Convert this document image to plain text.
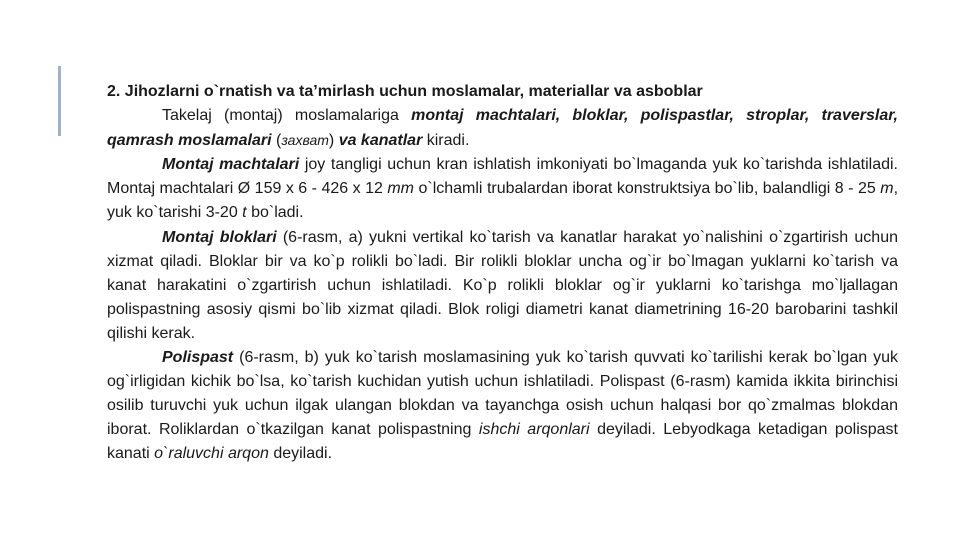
2. Jihozlarni o`rnatish va ta’mirlash uchun moslamalar, materiallar va asboblar

Takelaj (montaj) moslamalariga montaj machtalari, bloklar, polispastlar, stroplar, traverslar, qamrash moslamalari (захват) va kanatlar kiradi.

Montaj machtalari joy tangligi uchun kran ishlatish imkoniyati bo`lmaganda yuk ko`tarishda ishlatiladi. Montaj machtalari Ø 159 x 6 - 426 x 12 mm o`lchamli trubalardan iborat konstruktsiya bo`lib, balandligi 8 - 25 m, yuk ko`tarishi 3-20 t bo`ladi.

Montaj bloklari (6-rasm, a) yukni vertikal ko`tarish va kanatlar harakat yo`nalishini o`zgartirish uchun xizmat qiladi. Bloklar bir va ko`p rolikli bo`ladi. Bir rolikli bloklar uncha og`ir bo`lmagan yuklarni ko`tarish va kanat harakatini o`zgartirish uchun ishlatiladi. Ko`p rolikli bloklar og`ir yuklarni ko`tarishga mo`ljallagan polispastning asosiy qismi bo`lib xizmat qiladi. Blok roligi diametri kanat diametrining 16-20 barobarini tashkil qilishi kerak.

Polispast (6-rasm, b) yuk ko`tarish moslamasining yuk ko`tarish quvvati ko`tarilishi kerak bo`lgan yuk og`irligidan kichik bo`lsa, ko`tarish kuchidan yutish uchun ishlatiladi. Polispast (6-rasm) kamida ikkita birinchisi osilib turuvchi yuk uchun ilgak ulangan blokdan va tayanchga osish uchun halqasi bor qo`zmalmas blokdan iborat. Roliklardan o`tkazilgan kanat polispastning ishchi arqonlari deyiladi. Lebyodkaga ketadigan polispast kanati o`raluvchi arqon deyiladi.
